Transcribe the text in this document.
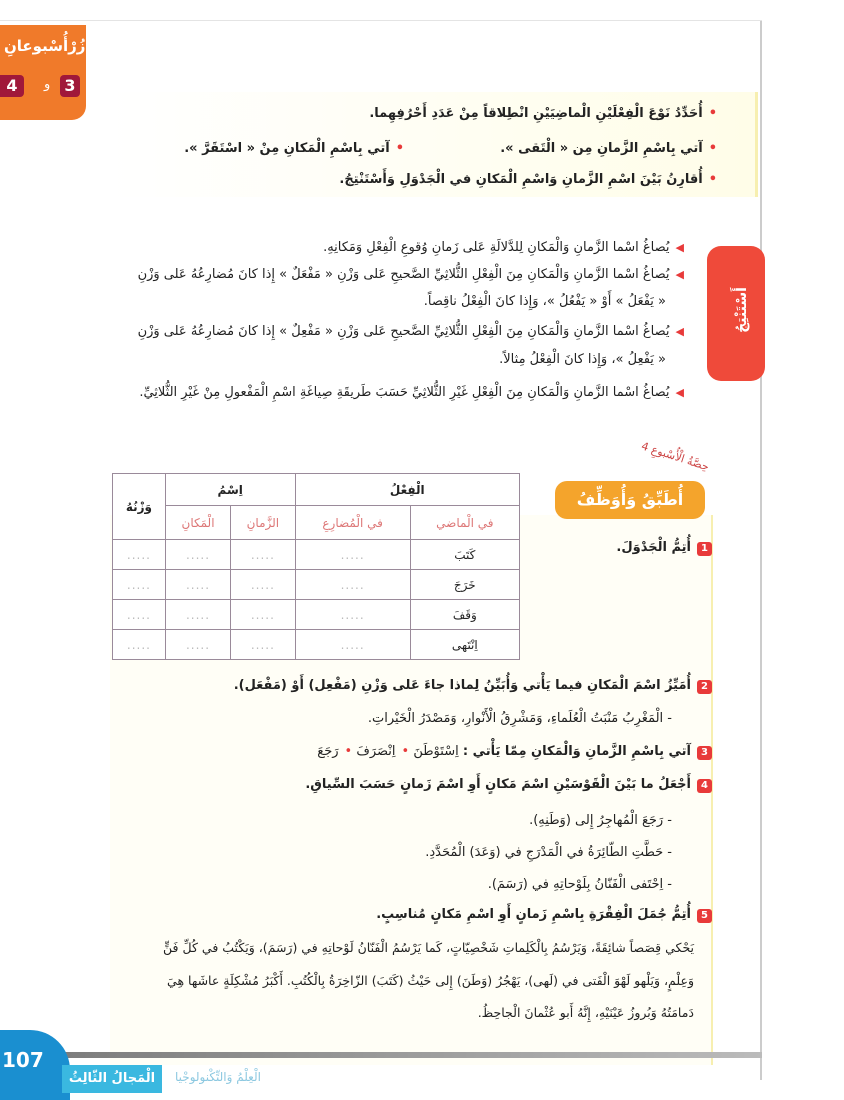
زُرْأُسْبوعانِ
3
و
4
•أُحَدِّدُ نَوْعَ الْفِعْلَيْنِ الْماضِيَيْنِ انْطِلاقاً مِنْ عَدَدِ أَحْرُفِهِما.
•آتي بِاسْمِ الزَّمانِ مِن « الْتَقى ».
•آتي بِاسْمِ الْمَكانِ مِنْ « اسْتَقَرَّ ».
•أُقارِنُ بَيْنَ اسْمِ الزَّمانِ وَاسْمِ الْمَكانِ في الْجَدْوَلِ وَأَسْتَنْتِجُ.
أَسْتَنْتِجُ
◀يُصاغُ اسْما الزَّمانِ وَالْمَكانِ لِلدَّلالَةِ عَلى زَمانِ وُقوعِ الْفِعْلِ وَمَكانِهِ.
◀يُصاغُ اسْما الزَّمانِ وَالْمَكانِ مِنَ الْفِعْلِ الثُّلاثِيِّ الصَّحيحِ عَلى وَزْنِ « مَفْعَلٌ » إِذا كانَ مُضارِعُهُ عَلى وَزْنِ
« يَفْعَلُ » أَوْ « يَفْعُلُ »، وَإِذا كانَ الْفِعْلُ ناقِصاً.
◀يُصاغُ اسْما الزَّمانِ وَالْمَكانِ مِنَ الْفِعْلِ الثُّلاثِيِّ الصَّحيحِ عَلى وَزْنِ « مَفْعِلٌ » إِذا كانَ مُضارِعُهُ عَلى وَزْنِ
« يَفْعِلُ »، وَإِذا كانَ الْفِعْلُ مِثالاً.
◀يُصاغُ اسْما الزَّمانِ وَالْمَكانِ مِنَ الْفِعْلِ غَيْرِ الثُّلاثِيِّ حَسَبَ طَريقَةِ صِياغَةِ اسْمِ الْمَفْعولِ مِنْ غَيْرِ الثُّلاثِيِّ.
أُطَبِّقُ وَأُوَظِّفُ
حِصَّةُ الْأُسْبوعِ 4
الْفِعْلُ		اِسْمُ		وَزْنُهُ
في الْماضي	في الْمُضارِعِ	الزَّمانِ	الْمَكانِ	
كَتَبَ	.....	.....	.....	.....
خَرَجَ	.....	.....	.....	.....
وَقَفَ	.....	.....	.....	.....
اِنْتَهى	.....	.....	.....	.....
1أُتِمُّ الْجَدْوَلَ.
2أُمَيِّزُ اسْمَ الْمَكانِ فيما يَأْتي وَأُبَيِّنُ لِماذا جاءَ عَلى وَزْنِ (مَفْعِل) أَوْ (مَفْعَل).
- الْمَغْرِبُ مَنْبَتُ الْعُلَماءِ، وَمَشْرِقُ الْأَنْوارِ، وَمَصْدَرُ الْخَيْراتِ.
3آتي بِاسْمِ الزَّمانِ وَالْمَكانِ مِمّا يَأْتي : اِسْتَوْطَنَ •اِنْصَرَفَ •رَجَعَ
4أَجْعَلُ ما بَيْنَ الْقَوْسَيْنِ اسْمَ مَكانٍ أَوِ اسْمَ زَمانٍ حَسَبَ السِّياقِ.
- رَجَعَ الْمُهاجِرُ إِلى (وَطَنِهِ).
- حَطَّتِ الطّائِرَةُ في الْمَدْرَجِ في (وَعَدَ) الْمُحَدَّدِ.
- اِحْتَفى الْفَنّانُ بِلَوْحاتِهِ في (رَسَمَ).
5أُتِمُّ جُمَلَ الْفِقْرَةِ بِاسْمِ زَمانٍ أَوِ اسْمِ مَكانٍ مُناسِبٍ.
يَحْكي قِصَصاً شائِقَةً، وَيَرْسُمُ بِالْكَلِماتِ شَخْصِيّاتٍ، كَما يَرْسُمُ الْفَنّانُ لَوْحاتِهِ في (رَسَمَ)، وَيَكْتُبُ في كُلِّ فَنٍّ
وَعِلْمٍ، وَيَلْهو لَهْوَ الْفَتى في (لَهى)، يَهْجُرُ (وَطَنَ) إِلى حَيْثُ (كَتَبَ) الزّاخِرَةُ بِالْكُتُبِ. أَكْبَرُ مُشْكِلَةٍ عاشَها هِيَ
دَمامَتُهُ وَبُروزُ عَيْنَيْهِ، إِنَّهُ أَبو عُثْمانَ الْجاحِظُ.
107
الْمَجالُ الثّالِثُ	الْعِلْمُ وَالتِّكْنولوجْيا
